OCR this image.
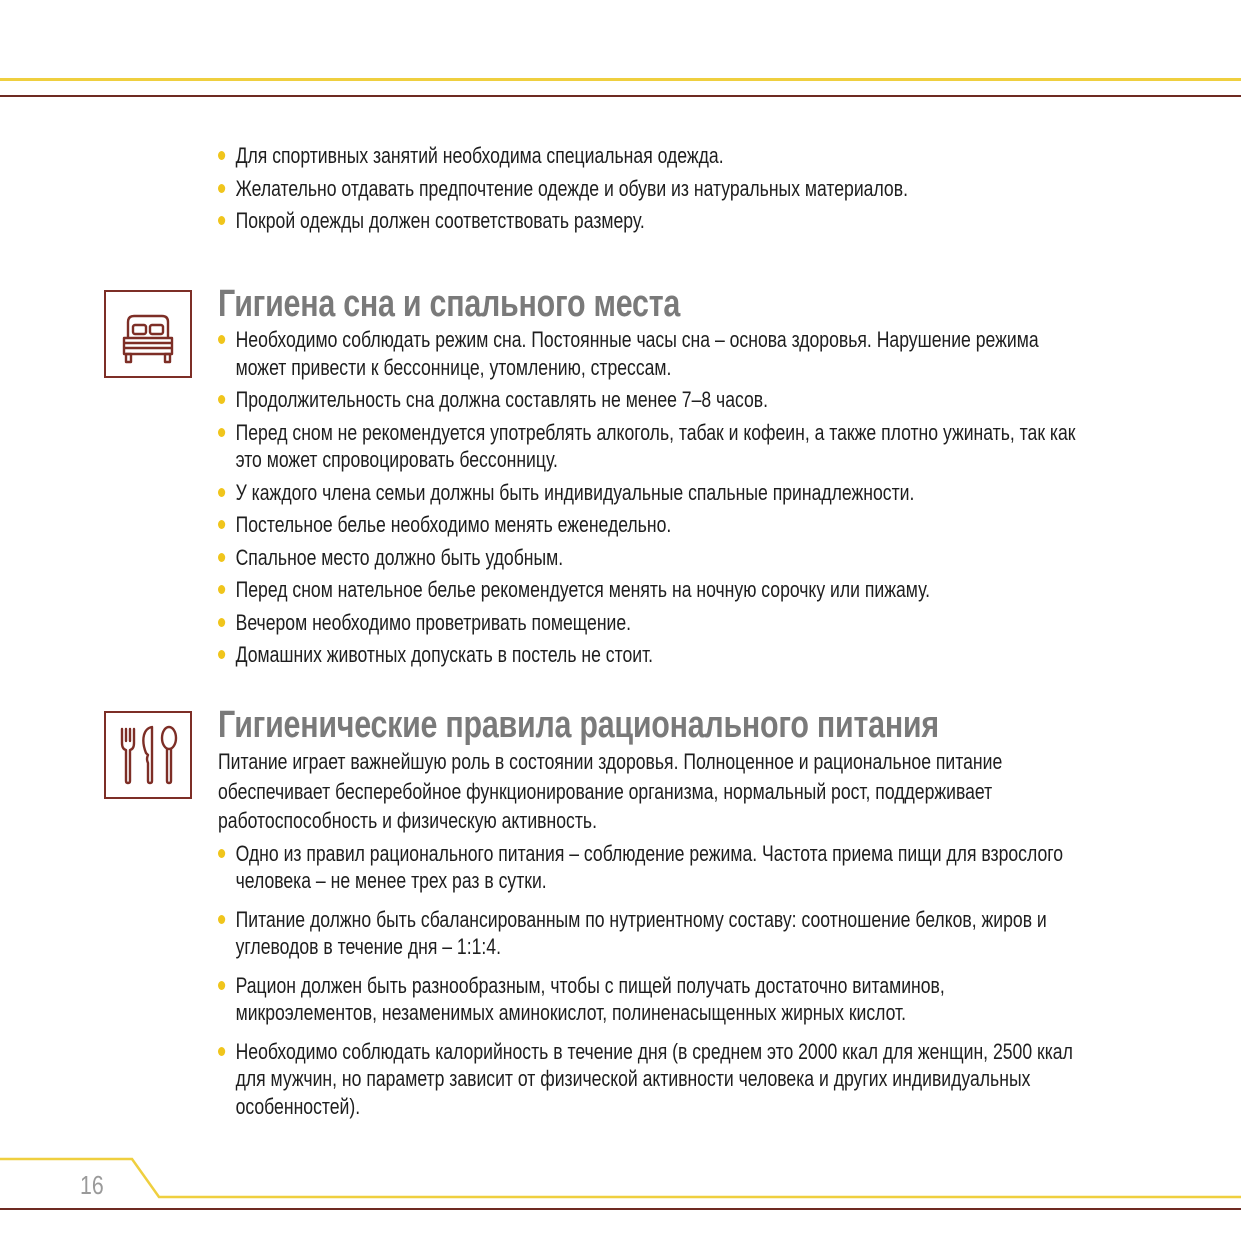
Для спортивных занятий необходима специальная одежда.
Желательно отдавать предпочтение одежде и обуви из натуральных материалов.
Покрой одежды должен соответствовать размеру.
Гигиена сна и спального места
Необходимо соблюдать режим сна. Постоянные часы сна – основа здоровья. Нарушение режима может привести к бессоннице, утомлению, стрессам.
Продолжительность сна должна составлять не менее 7–8 часов.
Перед сном не рекомендуется употреблять алкоголь, табак и кофеин, а также плотно ужинать, так как это может спровоцировать бессонницу.
У каждого члена семьи должны быть индивидуальные спальные принадлежности.
Постельное белье необходимо менять еженедельно.
Спальное место должно быть удобным.
Перед сном нательное белье рекомендуется менять на ночную сорочку или пижаму.
Вечером необходимо проветривать помещение.
Домашних животных допускать в постель не стоит.
Гигиенические правила рационального питания

Питание играет важнейшую роль в состоянии здоровья. Полноценное и рациональное питание обеспечивает бесперебойное функционирование организма, нормальный рост, поддерживает работоспособность и физическую активность.

Одно из правил рационального питания – соблюдение режима. Частота приема пищи для взрослого человека – не менее трех раз в сутки.
Питание должно быть сбалансированным по нутриентному составу: соотношение белков, жиров и углеводов в течение дня – 1:1:4.
Рацион должен быть разнообразным, чтобы с пищей получать достаточно витаминов, микроэлементов, незаменимых аминокислот, полиненасыщенных жирных кислот.
Необходимо соблюдать калорийность в течение дня (в среднем это 2000 ккал для женщин, 2500 ккал для мужчин, но параметр зависит от физической активности человека и других индивидуальных особенностей).
16
